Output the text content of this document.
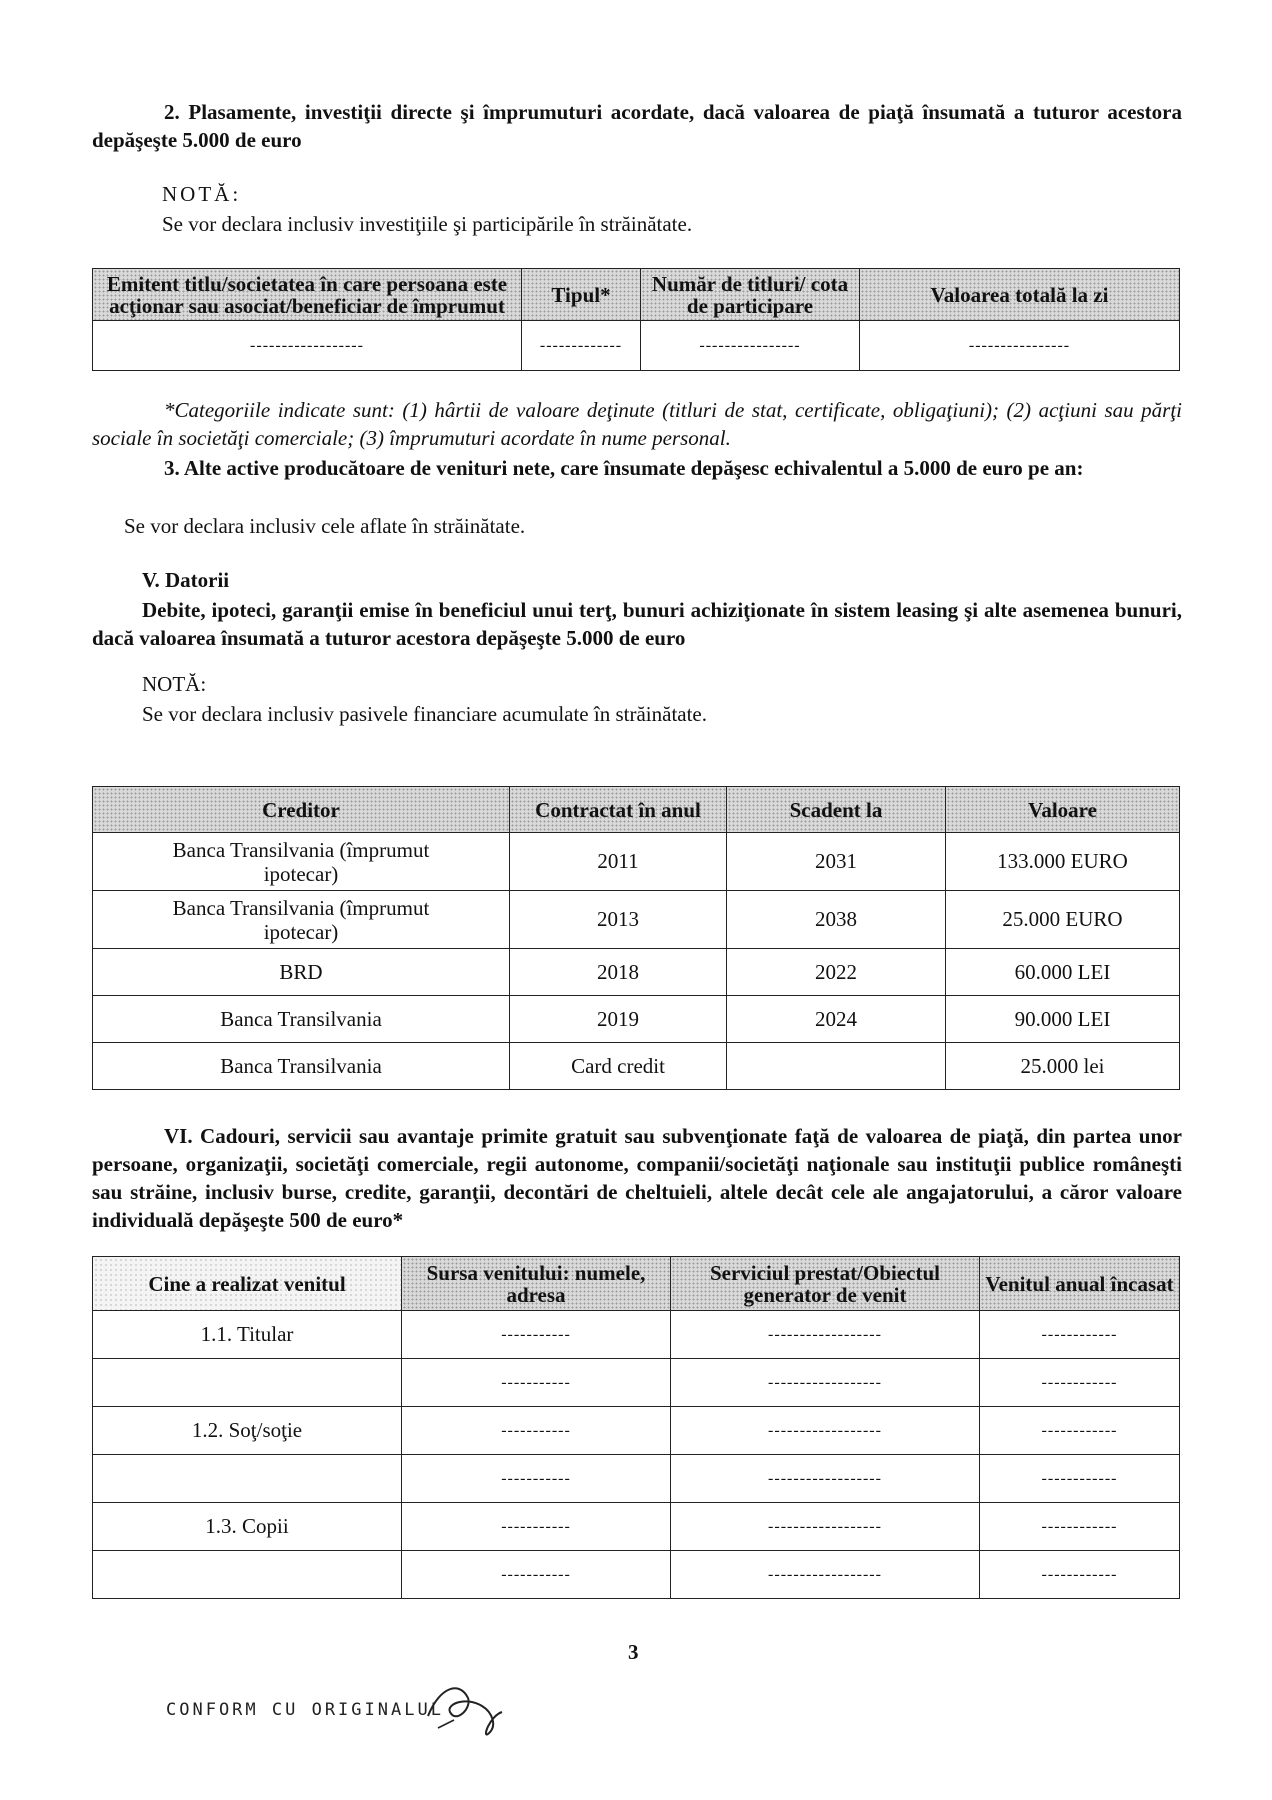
2. Plasamente, investiţii directe şi împrumuturi acordate, dacă valoarea de piaţă însumată a tuturor acestora depăşeşte 5.000 de euro

NOTĂ:

Se vor declara inclusiv investiţiile şi participările în străinătate.

Emitent titlu/societatea în care persoana este acţionar sau asociat/beneficiar de împrumut	Tipul*	Număr de titluri/ cota de participare	Valoarea totală la zi
------------------	-------------	----------------	----------------

*Categoriile indicate sunt: (1) hârtii de valoare deţinute (titluri de stat, certificate, obligaţiuni); (2) acţiuni sau părţi sociale în societăţi comerciale; (3) împrumuturi acordate în nume personal.

3. Alte active producătoare de venituri nete, care însumate depăşesc echivalentul a 5.000 de euro pe an:

Se vor declara inclusiv cele aflate în străinătate.

V. Datorii

Debite, ipoteci, garanţii emise în beneficiul unui terţ, bunuri achiziţionate în sistem leasing şi alte asemenea bunuri, dacă valoarea însumată a tuturor acestora depăşeşte 5.000 de euro

NOTĂ:

Se vor declara inclusiv pasivele financiare acumulate în străinătate.

Creditor	Contractat în anul	Scadent la	Valoare
Banca Transilvania (împrumut ipotecar)	2011	2031	133.000 EURO
Banca Transilvania (împrumut ipotecar)	2013	2038	25.000 EURO
BRD	2018	2022	60.000 LEI
Banca Transilvania	2019	2024	90.000 LEI
Banca Transilvania	Card credit		25.000 lei

VI. Cadouri, servicii sau avantaje primite gratuit sau subvenţionate faţă de valoarea de piaţă, din partea unor persoane, organizaţii, societăţi comerciale, regii autonome, companii/societăţi naţionale sau instituţii publice româneşti sau străine, inclusiv burse, credite, garanţii, decontări de cheltuieli, altele decât cele ale angajatorului, a căror valoare individuală depăşeşte 500 de euro*

Cine a realizat venitul	Sursa venitului: numele, adresa	Serviciul prestat/Obiectul generator de venit	Venitul anual încasat
1.1. Titular	-----------	------------------	------------
	-----------	------------------	------------
1.2. Soţ/soţie	-----------	------------------	------------
	-----------	------------------	------------
1.3. Copii	-----------	------------------	------------
	-----------	------------------	------------
3
CONFORM CU ORIGINALUL
